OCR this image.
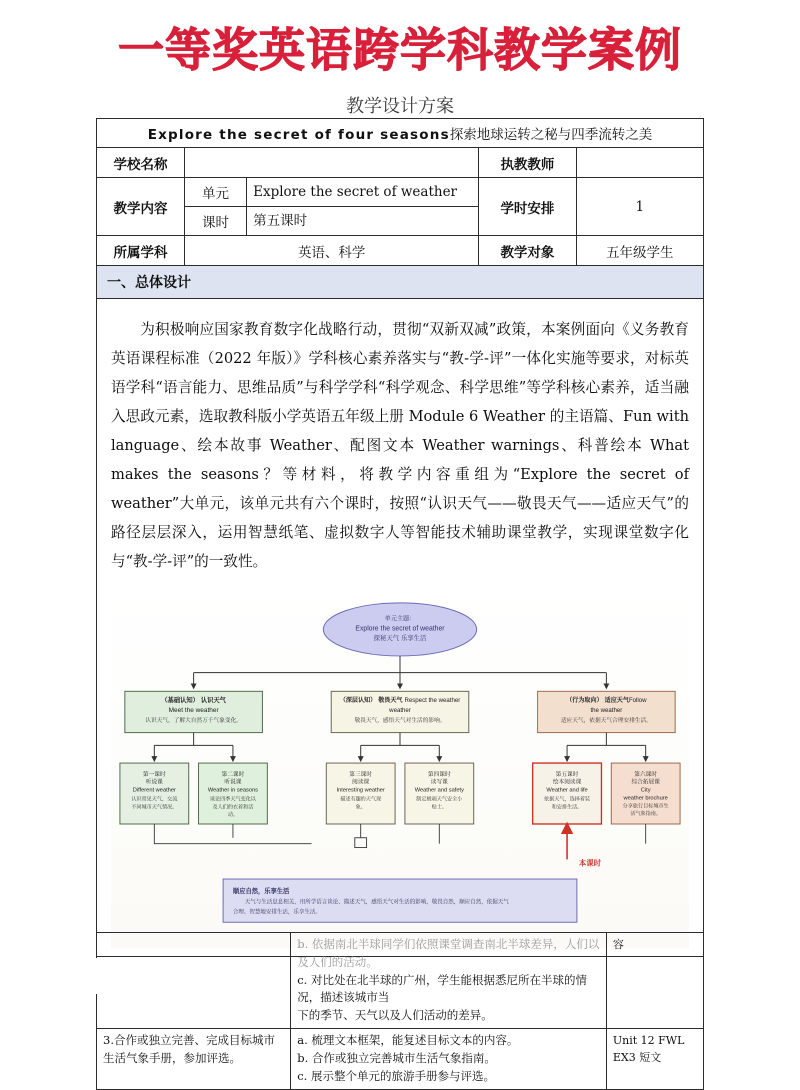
一等奖英语跨学科教学案例
教学设计方案
Explore the secret of four seasons探索地球运转之秘与四季流转之美
学校名称		执教教师	
教学内容	
单元	Explore the secret of weather
课时	第五课时
	学时安排	1
所属学科	英语、科学	教学对象	五年级学生
一、总体设计

为积极响应国家教育数字化战略行动，贯彻“双新双减”政策，本案例面向《义务教育英语课程标准（2022 年版）》学科核心素养落实与“教-学-评”一体化实施等要求，对标英语学科“语言能力、思维品质”与科学学科“科学观念、科学思维”等学科核心素养，适当融入思政元素，选取教科版小学英语五年级上册 Module 6 Weather 的主语篇、Fun with language、绘本故事 Weather、配图文本 Weather warnings、科普绘本 What makes the seasons？等材料，将教学内容重组为“Explore the secret of weather”大单元，该单元共有六个课时，按照“认识天气——敬畏天气——适应天气”的路径层层深入，运用智慧纸笔、虚拟数字人等智能技术辅助课堂教学，实现课堂数字化与“教-学-评”的一致性。

单元主题：
Explore the secret of weather
探秘天气 乐享生活
（基础认知） 认识天气
Meet the weather
认识天气，了解大自然万千气象变化。
（深层认知） 敬畏天气 Respect the weather
weather
敬畏天气，感悟天气对生活的影响。
（行为取向） 适应天气Follow
the weather
适应天气，依据天气合理安排生活。
第一课时
听说课
Different weather
认识常见天气，交流
不同城市天气情况。
第二课时
听说课
Weather in seasons
谈论四季天气变化以
及人们的衣着和活
动。
第三课时
阅读课
Interesting weather
描述有趣的天气现
象。
第四课时
读写课
Weather and safety
制定极端天气安全小
贴士。
第五课时
绘本阅读课
Weather and life
依据天气，选择着装
和安排生活。
第六课时
综合拓展课
City
weather brochure
分享旅行目标城市生
活气象指南。
本课时
顺应自然，乐享生活
天气与生活息息相关，用所学语言谈论、描述天气，感悟天气对生活的影响，敬畏自然，顺应自然，依据天气
合理、智慧地安排生活，乐享生活。

	b. 依据南北半球同学们依照课堂调查南北半球差异，人们以及人们的活动。
c. 对比处在北半球的广州，学生能根据悉尼所在半球的情况，描述该城市当
下的季节、天气以及人们活动的差异。	容
3.合作或独立完善、完成目标城市生活气象手册，参加评选。	a. 梳理文本框架，能复述目标文本的内容。
b. 合作或独立完善城市生活气象指南。
c. 展示整个单元的旅游手册参与评选。	Unit 12 FWL EX3 短文
